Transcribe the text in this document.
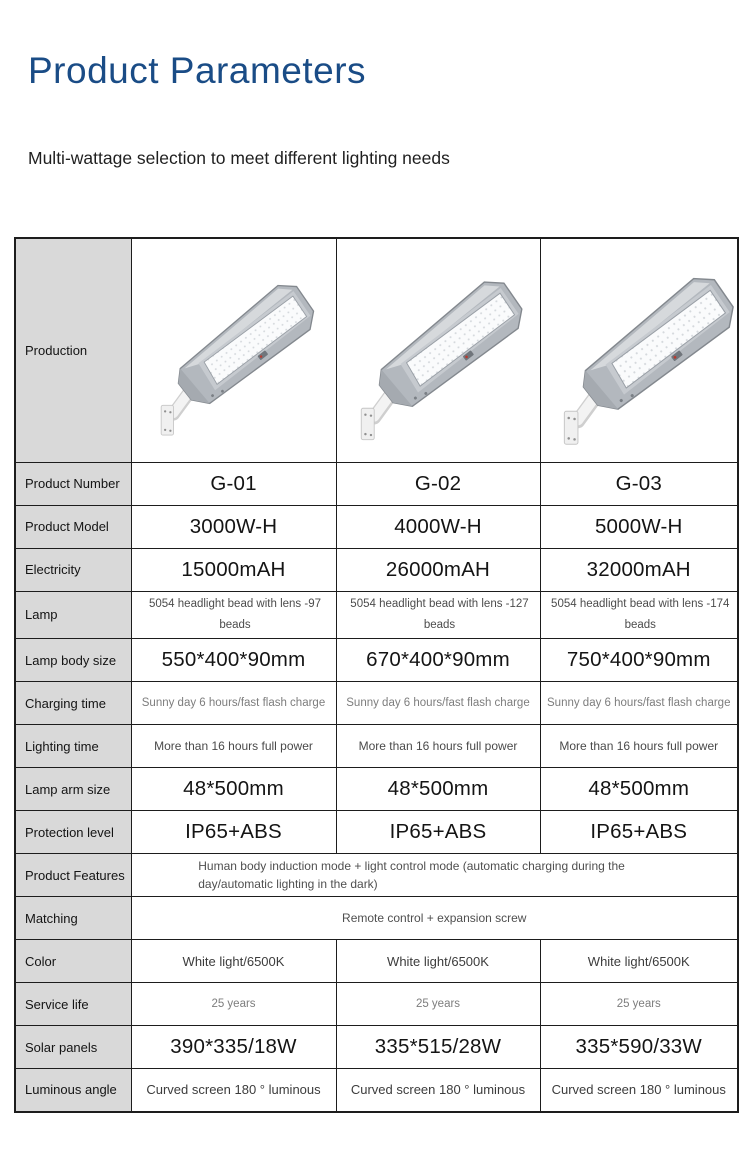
Product Parameters

Multi-wattage selection to meet different lighting needs

Production			
Product Number	G-01	G-02	G-03
Product Model	3000W-H	4000W-H	5000W-H
Electricity	15000mAH	26000mAH	32000mAH
Lamp	5054 headlight bead with lens -97 beads	5054 headlight bead with lens -127 beads	5054 headlight bead with lens -174 beads
Lamp body size	550*400*90mm	670*400*90mm	750*400*90mm
Charging time	Sunny day 6 hours/fast flash charge	Sunny day 6 hours/fast flash charge	Sunny day 6 hours/fast flash charge
Lighting time	More than 16 hours full power	More than 16 hours full power	More than 16 hours full power
Lamp arm size	48*500mm	48*500mm	48*500mm
Protection level	IP65+ABS	IP65+ABS	IP65+ABS
Product Features	Human body induction mode + light control mode (automatic charging during the day/automatic lighting in the dark)		
Matching	Remote control + expansion screw		
Color	White light/6500K	White light/6500K	White light/6500K
Service life	25 years	25 years	25 years
Solar panels	390*335/18W	335*515/28W	335*590/33W
Luminous angle	Curved screen 180 ° luminous	Curved screen 180 ° luminous	Curved screen 180 ° luminous
